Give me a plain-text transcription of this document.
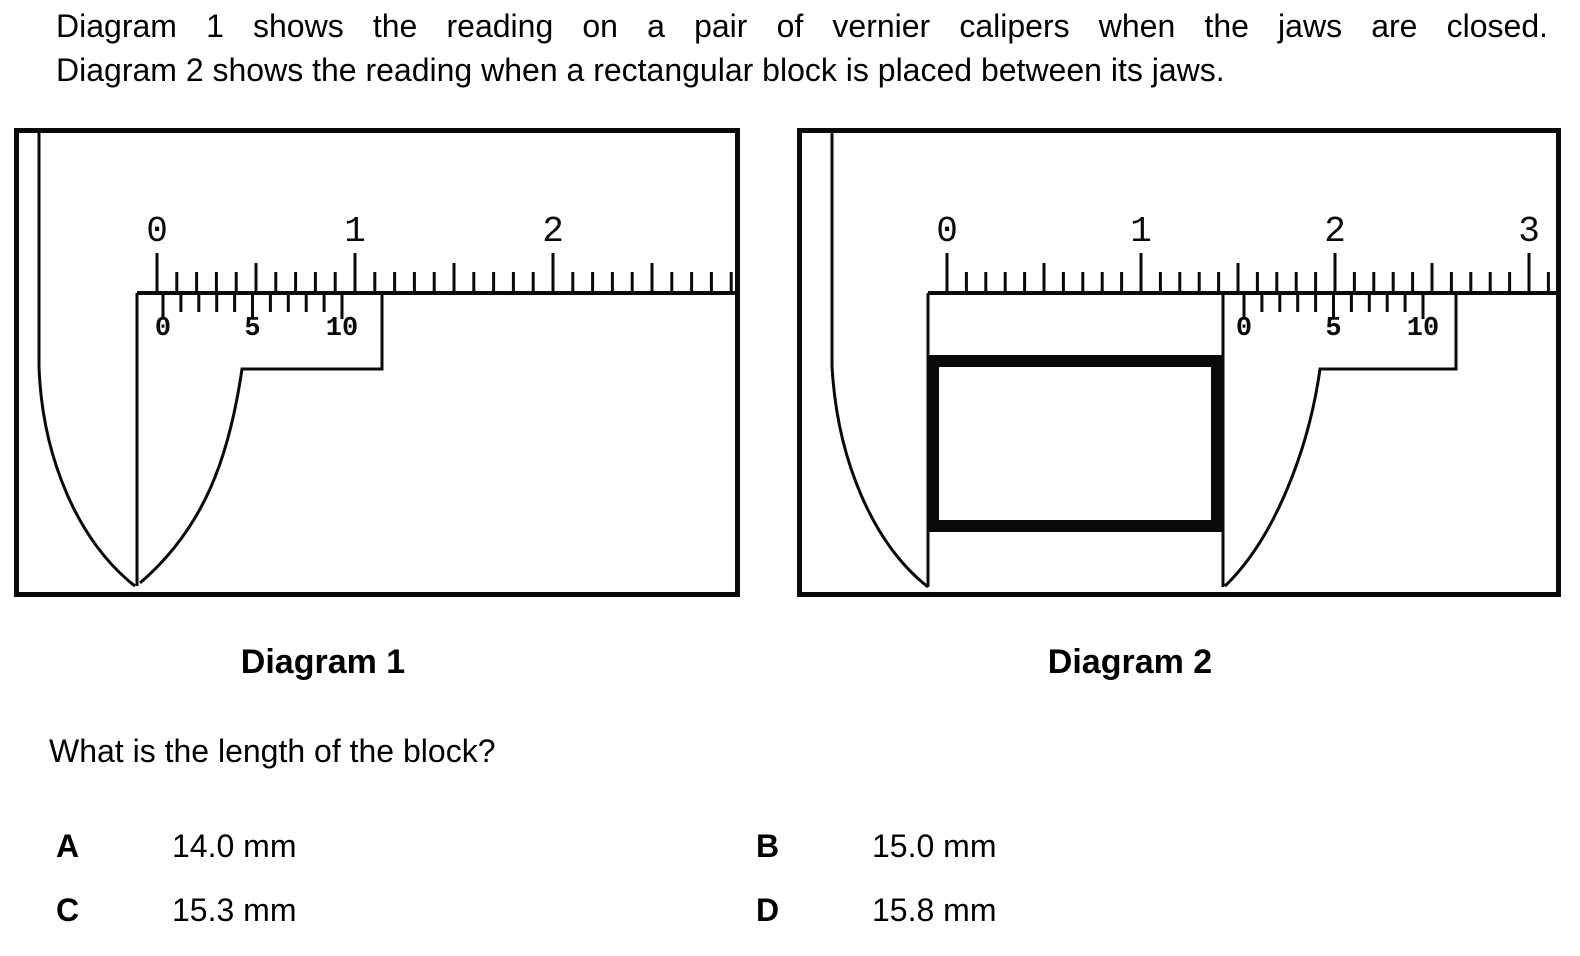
Diagram 1 shows the reading on a pair of vernier calipers when the jaws are closed.
Diagram 2 shows the reading when a rectangular block is placed between its jaws.
0	1	2
0	5 10
0	1	2	3
0	5 10
Diagram 1	Diagram 2
What is the length of the block?
A	14.0 mm	B	15.0 mm
C	15.3 mm	D	15.8 mm
